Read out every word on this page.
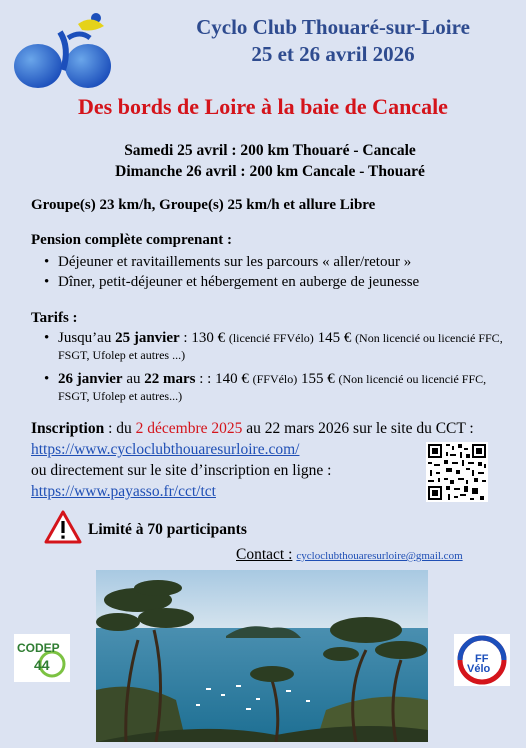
Cyclo Club Thouaré-sur-Loire
25 et 26 avril 2026
Des bords de Loire à la baie de Cancale
Samedi 25 avril : 200 km Thouaré - Cancale
Dimanche 26 avril : 200 km Cancale - Thouaré
Groupe(s) 23 km/h, Groupe(s) 25 km/h et allure Libre
Pension complète comprenant :
• Déjeuner et ravitaillements sur les parcours « aller/retour »
• Dîner, petit-déjeuner et hébergement en auberge de jeunesse
Tarifs :
• Jusqu’au 25 janvier : 130 € (licencié FFVélo) 145 € (Non licencié ou licencié FFC, FSGT, Ufolep et autres ...)
• 26 janvier au 22 mars : : 140 € (FFVélo) 155 € (Non licencié ou licencié FFC, FSGT, Ufolep et autres...)
Inscription : du 2 décembre 2025 au 22 mars 2026 sur le site du CCT : https://www.cycloclubthouaresurloire.com/
ou directement sur le site d’inscription en ligne :
https://www.payasso.fr/cct/tct
Limité à 70 participants
Contact : cycloclubthouaresurloire@gmail.com
CODEP
44	FF
Vélo
